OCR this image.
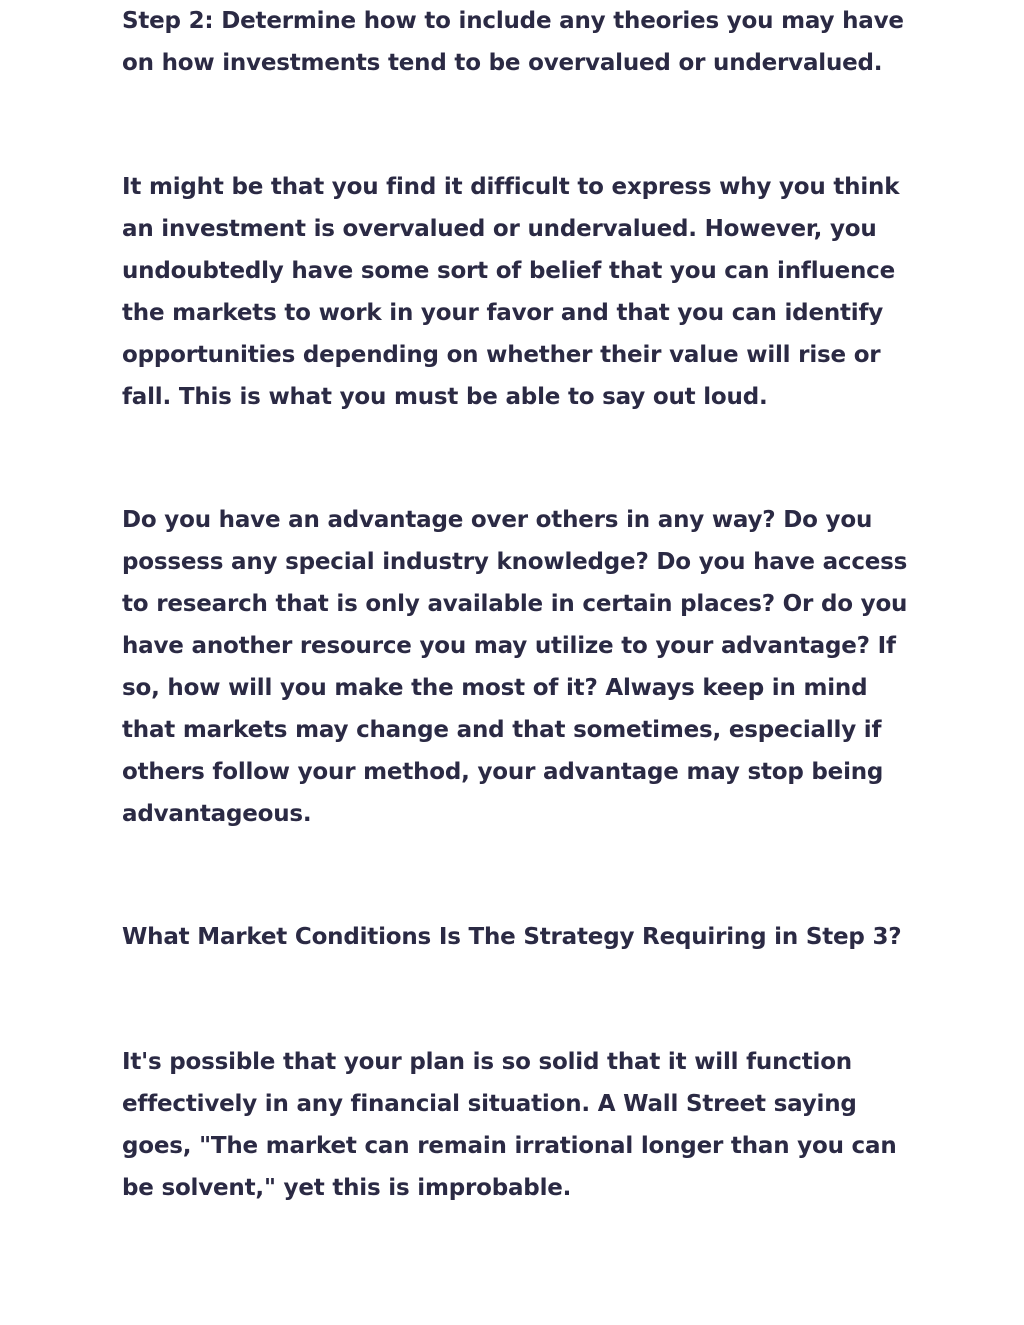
Step 2: Determine how to include any theories you may have
on how investments tend to be overvalued or undervalued.
It might be that you find it difficult to express why you think
an investment is overvalued or undervalued. However, you
undoubtedly have some sort of belief that you can influence
the markets to work in your favor and that you can identify
opportunities depending on whether their value will rise or
fall. This is what you must be able to say out loud.
Do you have an advantage over others in any way? Do you
possess any special industry knowledge? Do you have access
to research that is only available in certain places? Or do you
have another resource you may utilize to your advantage? If
so, how will you make the most of it? Always keep in mind
that markets may change and that sometimes, especially if
others follow your method, your advantage may stop being
advantageous.
What Market Conditions Is The Strategy Requiring in Step 3?
It's possible that your plan is so solid that it will function
effectively in any financial situation. A Wall Street saying
goes, "The market can remain irrational longer than you can
be solvent," yet this is improbable.
